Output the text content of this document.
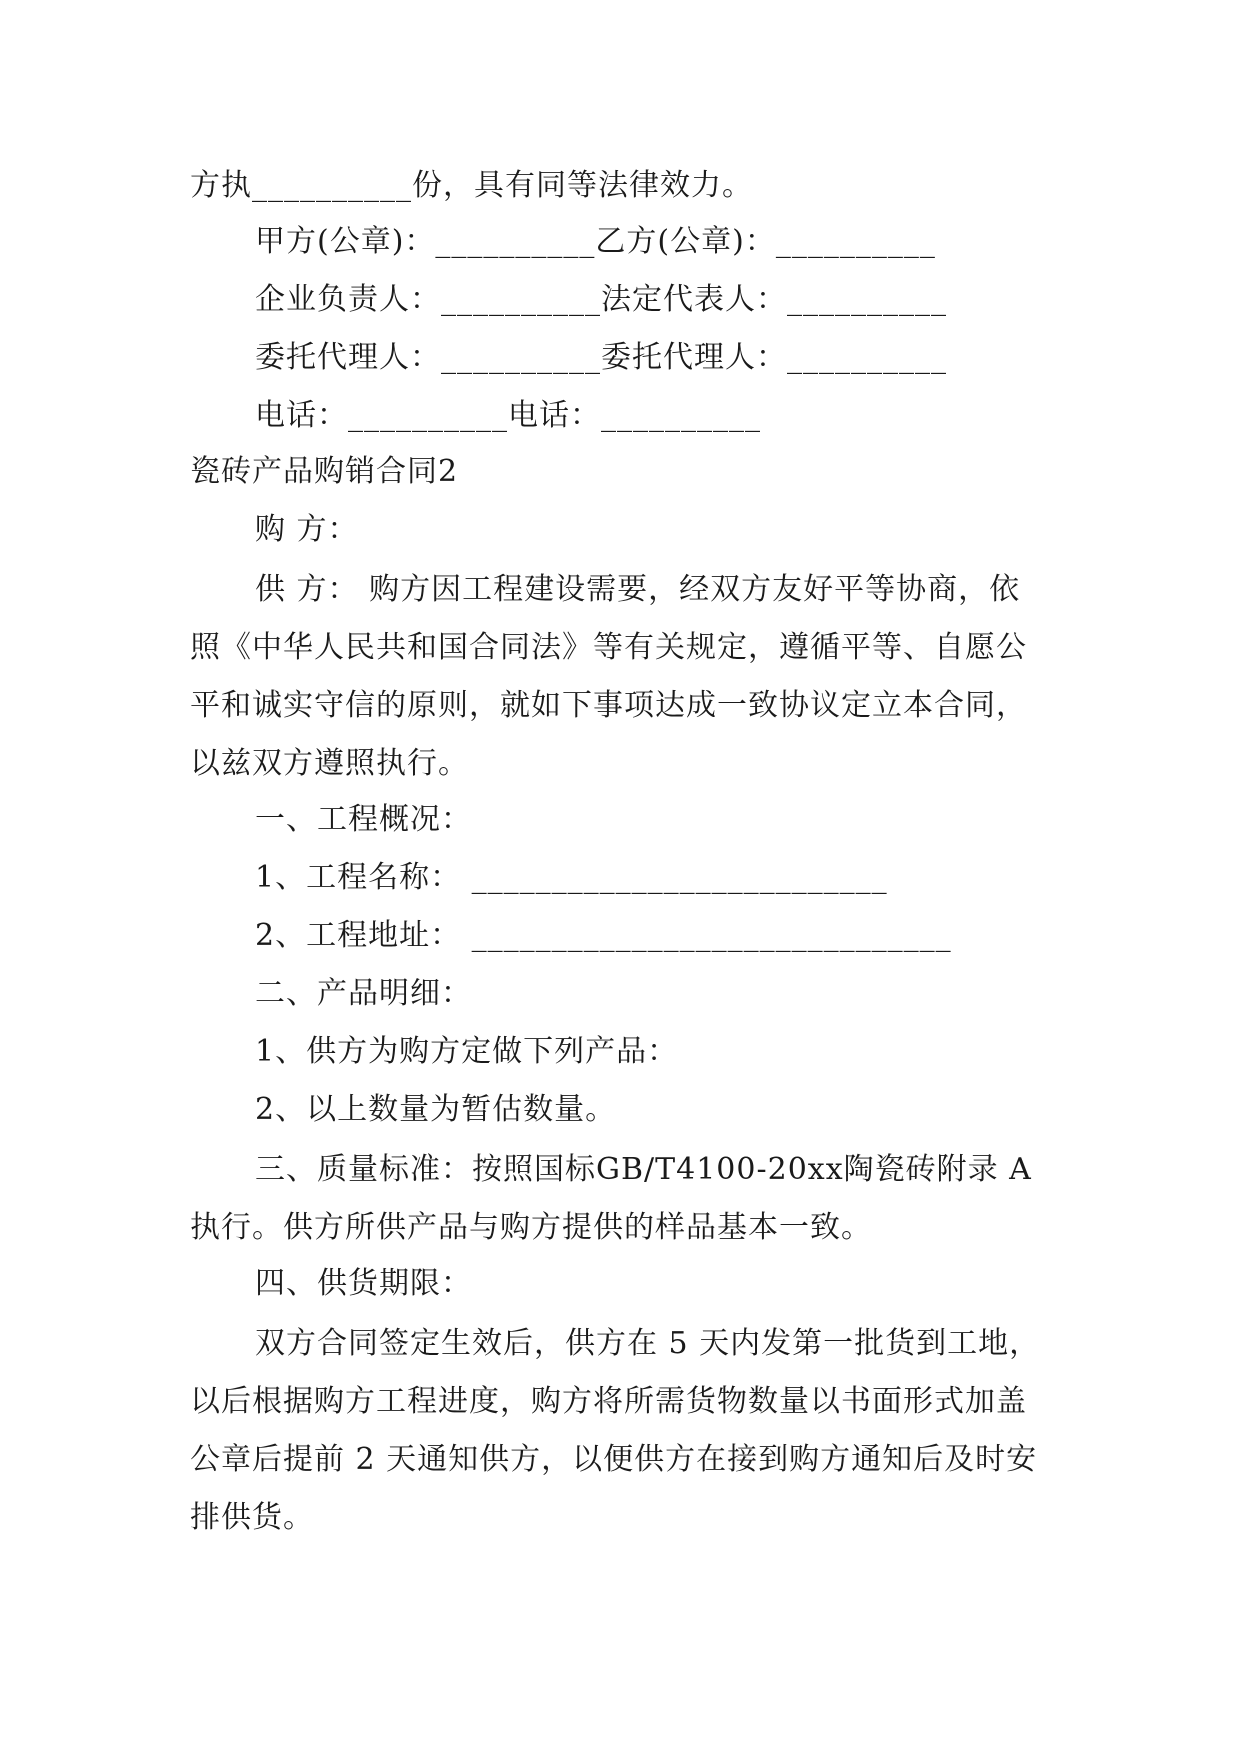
方执__________份，具有同等法律效力。
甲方(公章)：__________乙方(公章)：__________
企业负责人：__________法定代表人：__________
委托代理人：__________委托代理人：__________
电话：__________电话：__________
瓷砖产品购销合同2
购 方：
供 方： 购方因工程建设需要，经双方友好平等协商，依照《中华人民共和国合同法》等有关规定，遵循平等、自愿公平和诚实守信的原则，就如下事项达成一致协议定立本合同，以兹双方遵照执行。
一、工程概况：
1、工程名称： __________________________
2、工程地址： ______________________________
二、产品明细：
1、供方为购方定做下列产品：
2、以上数量为暂估数量。
三、质量标准：按照国标GB/T4100-20xx陶瓷砖附录 A执行。供方所供产品与购方提供的样品基本一致。
四、供货期限：
双方合同签定生效后，供方在 5 天内发第一批货到工地，以后根据购方工程进度，购方将所需货物数量以书面形式加盖公章后提前 2 天通知供方，以便供方在接到购方通知后及时安排供货。
